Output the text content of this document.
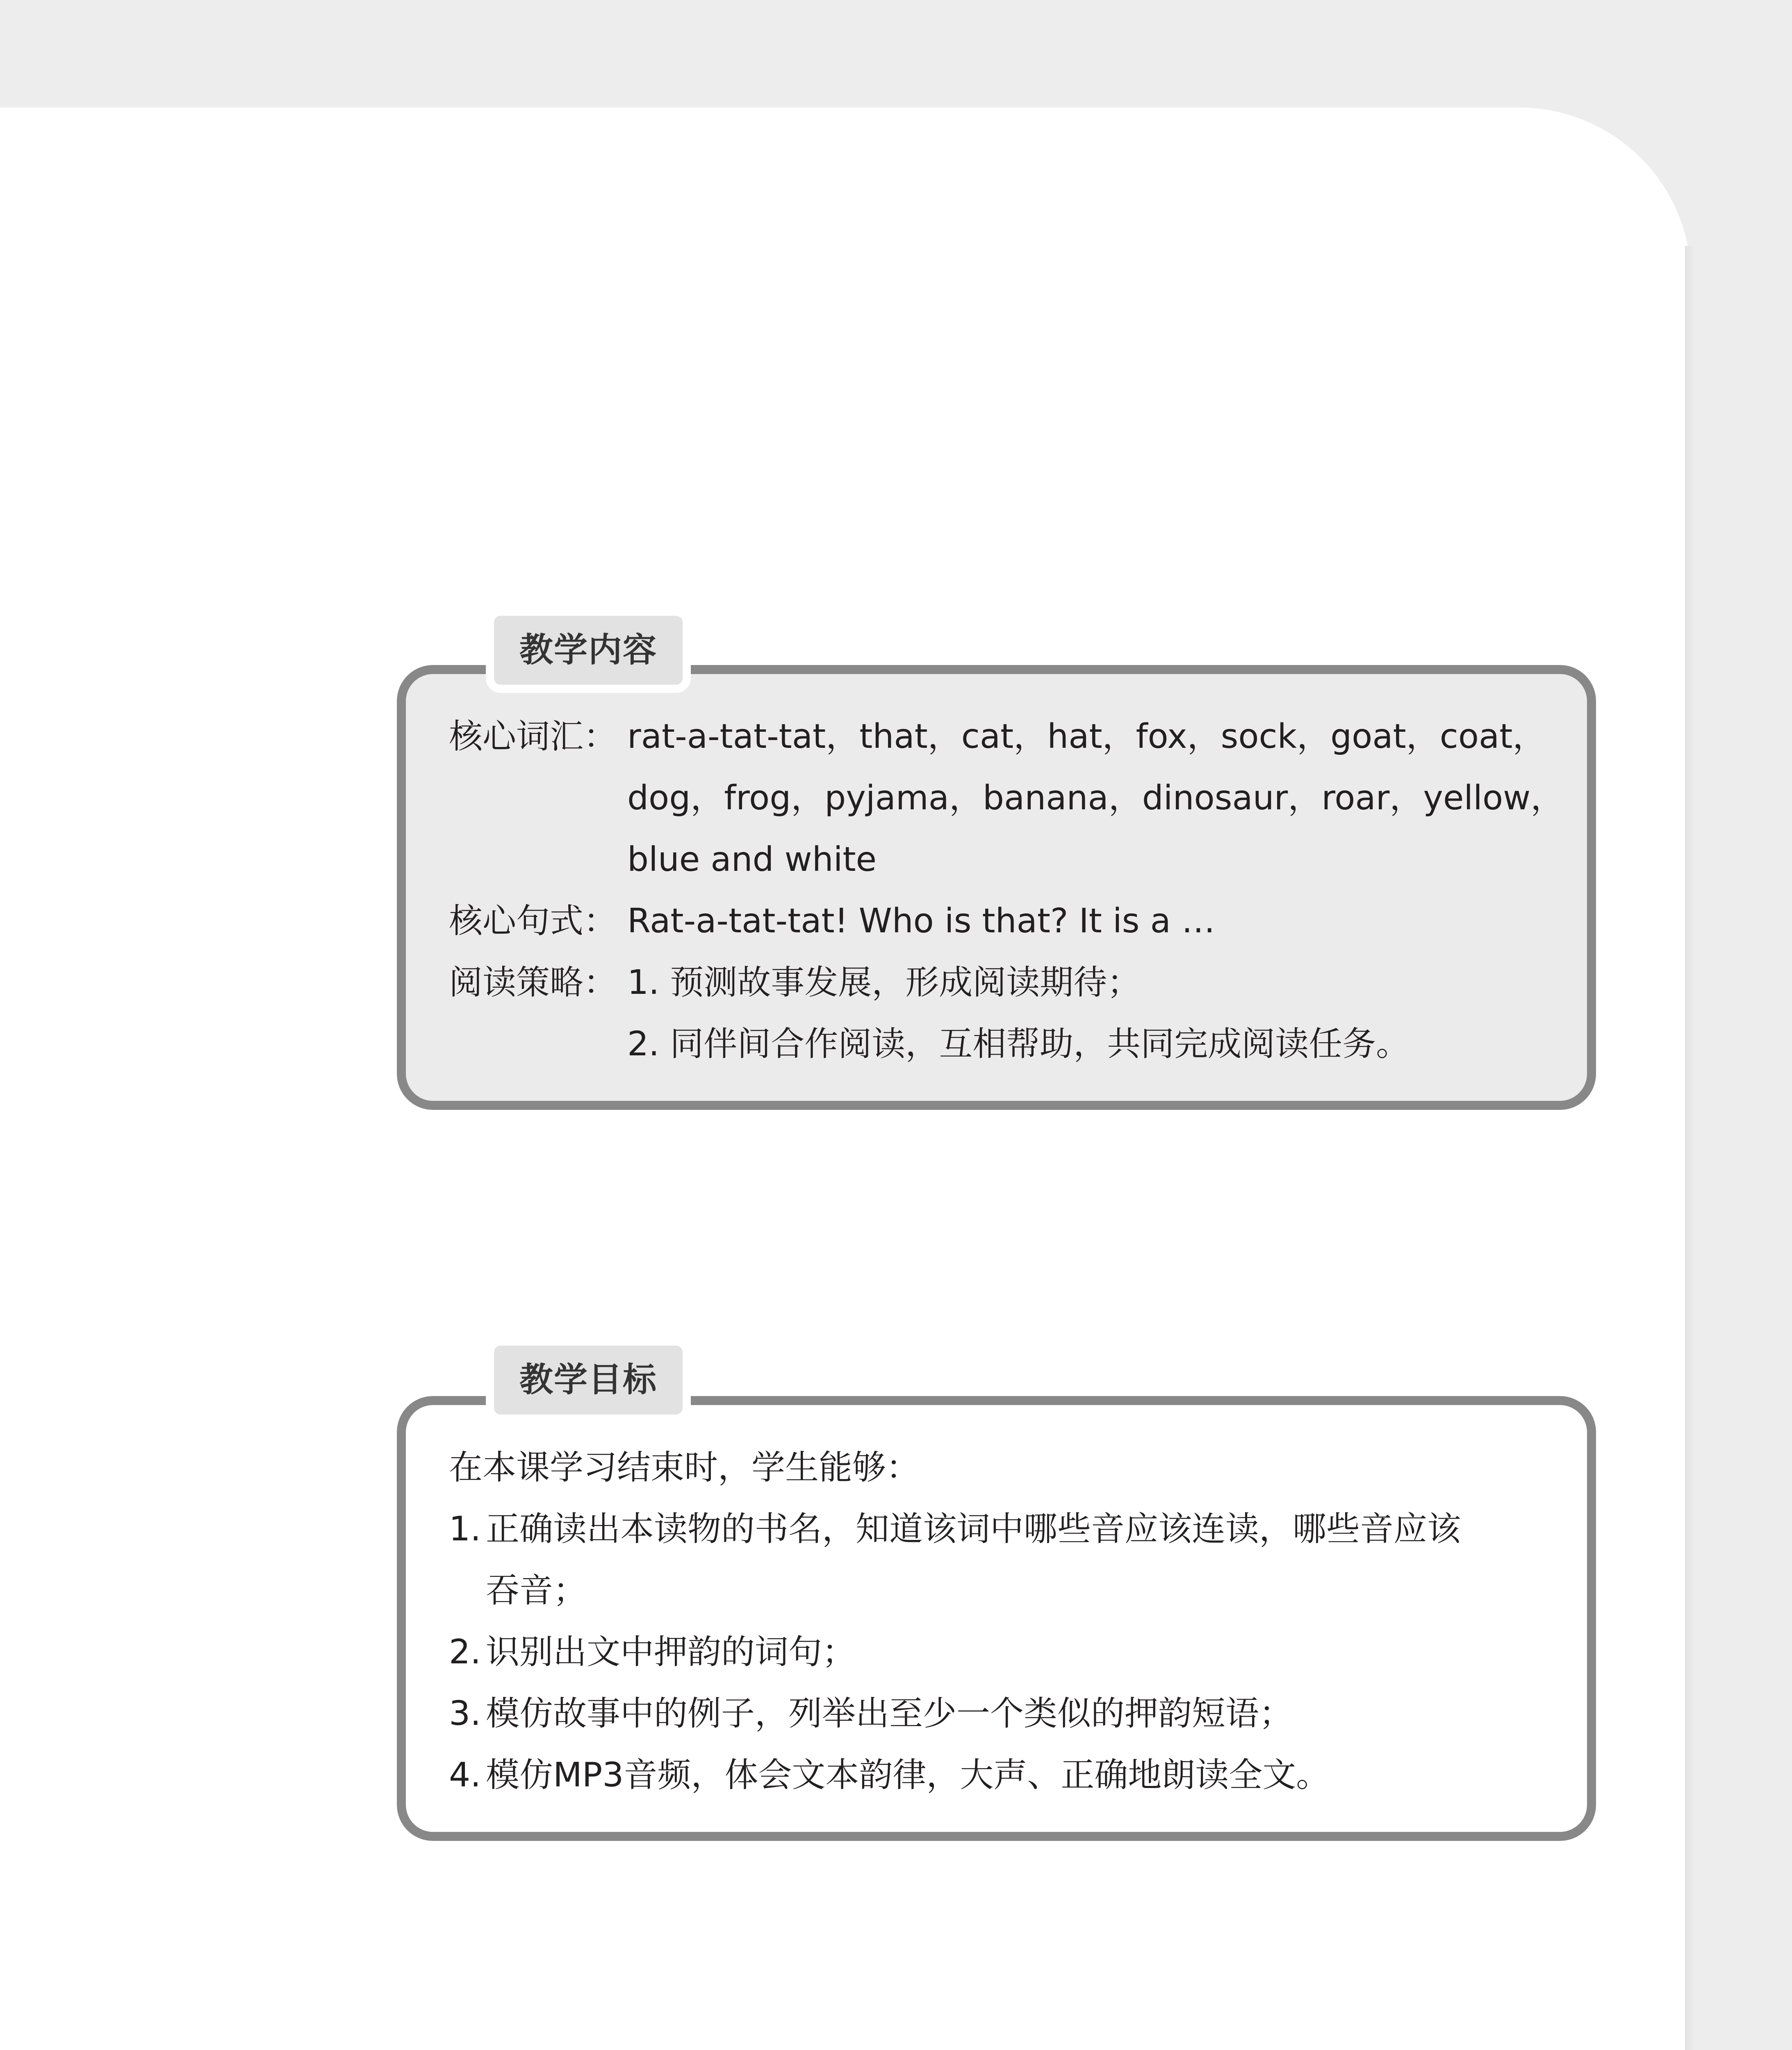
教学内容
核心词汇： rat-a-tat-tat，that，cat，hat，fox，sock，goat，coat，
dog，frog，pyjama，banana，dinosaur，roar，yellow，
blue and white
核心句式： Rat-a-tat-tat! Who is that? It is a …
阅读策略： 1. 预测故事发展，形成阅读期待；
2. 同伴间合作阅读，互相帮助，共同完成阅读任务。
教学目标
在本课学习结束时，学生能够：
1. 正确读出本读物的书名，知道该词中哪些音应该连读，哪些音应该
吞音；
2. 识别出文中押韵的词句；
3. 模仿故事中的例子，列举出至少一个类似的押韵短语；
4. 模仿MP3音频，体会文本韵律，大声、正确地朗读全文。
